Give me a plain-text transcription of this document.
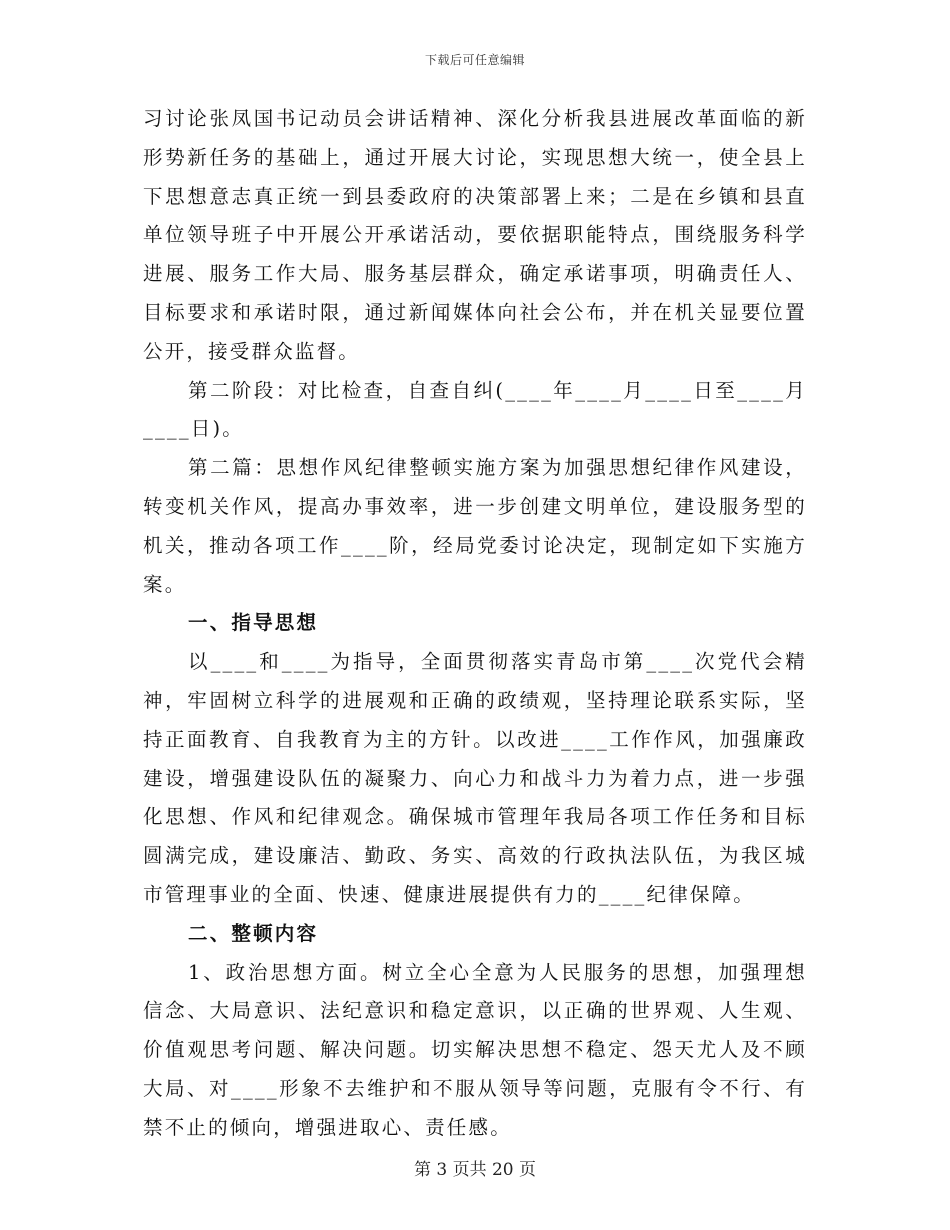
下载后可任意编辑

习讨论张凤国书记动员会讲话精神、深化分析我县进展改革面临的新形势新任务的基础上，通过开展大讨论，实现思想大统一，使全县上下思想意志真正统一到县委政府的决策部署上来；二是在乡镇和县直单位领导班子中开展公开承诺活动，要依据职能特点，围绕服务科学进展、服务工作大局、服务基层群众，确定承诺事项，明确责任人、目标要求和承诺时限，通过新闻媒体向社会公布，并在机关显要位置公开，接受群众监督。

第二阶段：对比检查，自查自纠(____年____月____日至____月____日)。

第二篇：思想作风纪律整顿实施方案为加强思想纪律作风建设，转变机关作风，提高办事效率，进一步创建文明单位，建设服务型的机关，推动各项工作____阶，经局党委讨论决定，现制定如下实施方案。

一、指导思想

以____和____为指导，全面贯彻落实青岛市第____次党代会精神，牢固树立科学的进展观和正确的政绩观，坚持理论联系实际，坚持正面教育、自我教育为主的方针。以改进____工作作风，加强廉政建设，增强建设队伍的凝聚力、向心力和战斗力为着力点，进一步强化思想、作风和纪律观念。确保城市管理年我局各项工作任务和目标圆满完成，建设廉洁、勤政、务实、高效的行政执法队伍，为我区城市管理事业的全面、快速、健康进展提供有力的____纪律保障。

二、整顿内容

1、政治思想方面。树立全心全意为人民服务的思想，加强理想信念、大局意识、法纪意识和稳定意识，以正确的世界观、人生观、价值观思考问题、解决问题。切实解决思想不稳定、怨天尤人及不顾大局、对____形象不去维护和不服从领导等问题，克服有令不行、有禁不止的倾向，增强进取心、责任感。

第 3 页共 20 页
